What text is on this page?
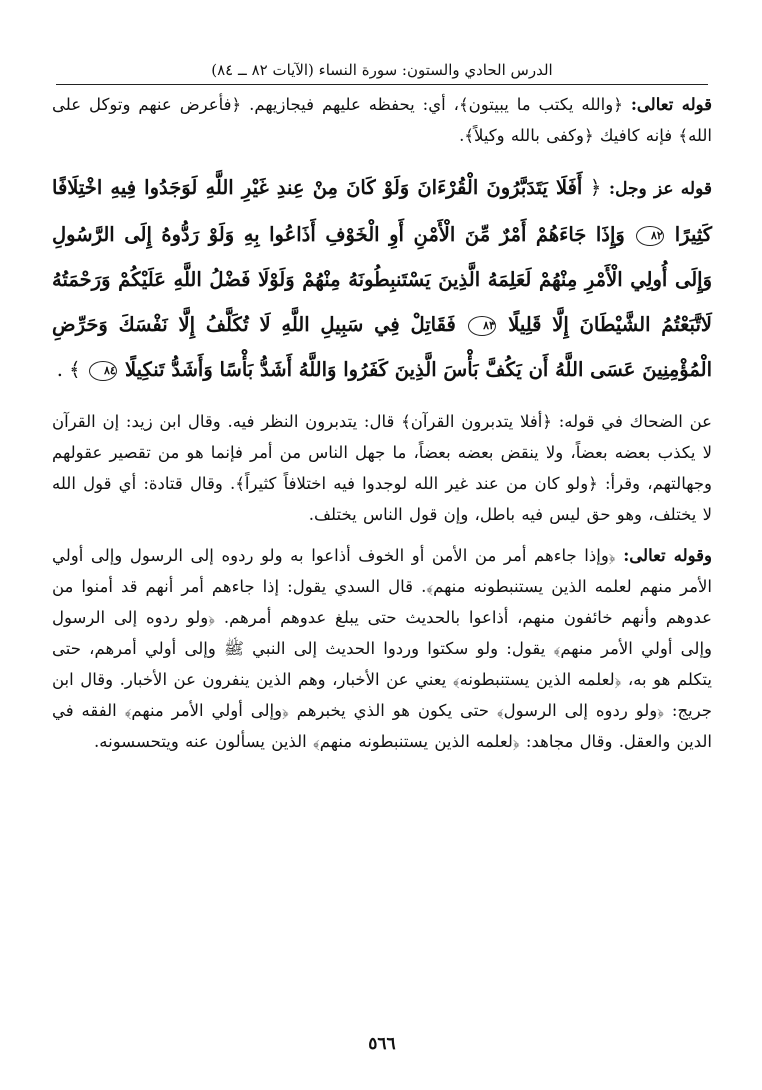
الدرس الحادي والستون: سورة النساء (الآيات ٨٢ ــ ٨٤)

قوله تعالى: ﴿والله يكتب ما يبيتون﴾، أي: يحفظه عليهم فيجازيهم. ﴿فأعرض عنهم وتوكل على الله﴾ فإنه كافيك ﴿وكفى بالله وكيلاً﴾.

قوله عز وجل: ﴿ أَفَلَا يَتَدَبَّرُونَ الْقُرْءَانَ وَلَوْ كَانَ مِنْ عِندِ غَيْرِ اللَّهِ لَوَجَدُوا فِيهِ اخْتِلَافًا كَثِيرًا ٨٢ وَإِذَا جَاءَهُمْ أَمْرٌ مِّنَ الْأَمْنِ أَوِ الْخَوْفِ أَذَاعُوا بِهِ وَلَوْ رَدُّوهُ إِلَى الرَّسُولِ وَإِلَى أُولِي الْأَمْرِ مِنْهُمْ لَعَلِمَهُ الَّذِينَ يَسْتَنبِطُونَهُ مِنْهُمْ وَلَوْلَا فَضْلُ اللَّهِ عَلَيْكُمْ وَرَحْمَتُهُ لَاتَّبَعْتُمُ الشَّيْطَانَ إِلَّا قَلِيلًا ٨٣ فَقَاتِلْ فِي سَبِيلِ اللَّهِ لَا تُكَلَّفُ إِلَّا نَفْسَكَ وَحَرِّضِ الْمُؤْمِنِينَ عَسَى اللَّهُ أَن يَكُفَّ بَأْسَ الَّذِينَ كَفَرُوا وَاللَّهُ أَشَدُّ بَأْسًا وَأَشَدُّ تَنكِيلًا ٨٤ ﴾ .

عن الضحاك في قوله: ﴿أفلا يتدبرون القرآن﴾ قال: يتدبرون النظر فيه. وقال ابن زيد: إن القرآن لا يكذب بعضه بعضاً، ولا ينقض بعضه بعضاً، ما جهل الناس من أمر فإنما هو من تقصير عقولهم وجهالتهم، وقرأ: ﴿ولو كان من عند غير الله لوجدوا فيه اختلافاً كثيراً﴾. وقال قتادة: أي قول الله لا يختلف، وهو حق ليس فيه باطل، وإن قول الناس يختلف.

وقوله تعالى: ﴿وإذا جاءهم أمر من الأمن أو الخوف أذاعوا به ولو ردوه إلى الرسول وإلى أولي الأمر منهم لعلمه الذين يستنبطونه منهم﴾. قال السدي يقول: إذا جاءهم أمر أنهم قد أمنوا من عدوهم وأنهم خائفون منهم، أذاعوا بالحديث حتى يبلغ عدوهم أمرهم. ﴿ولو ردوه إلى الرسول وإلى أولي الأمر منهم﴾ يقول: ولو سكتوا وردوا الحديث إلى النبي ﷺ وإلى أولي أمرهم، حتى يتكلم هو به، ﴿لعلمه الذين يستنبطونه﴾ يعني عن الأخبار، وهم الذين ينفرون عن الأخبار. وقال ابن جريج: ﴿ولو ردوه إلى الرسول﴾ حتى يكون هو الذي يخبرهم ﴿وإلى أولي الأمر منهم﴾ الفقه في الدين والعقل. وقال مجاهد: ﴿لعلمه الذين يستنبطونه منهم﴾ الذين يسألون عنه ويتحسسونه.

٥٦٦
